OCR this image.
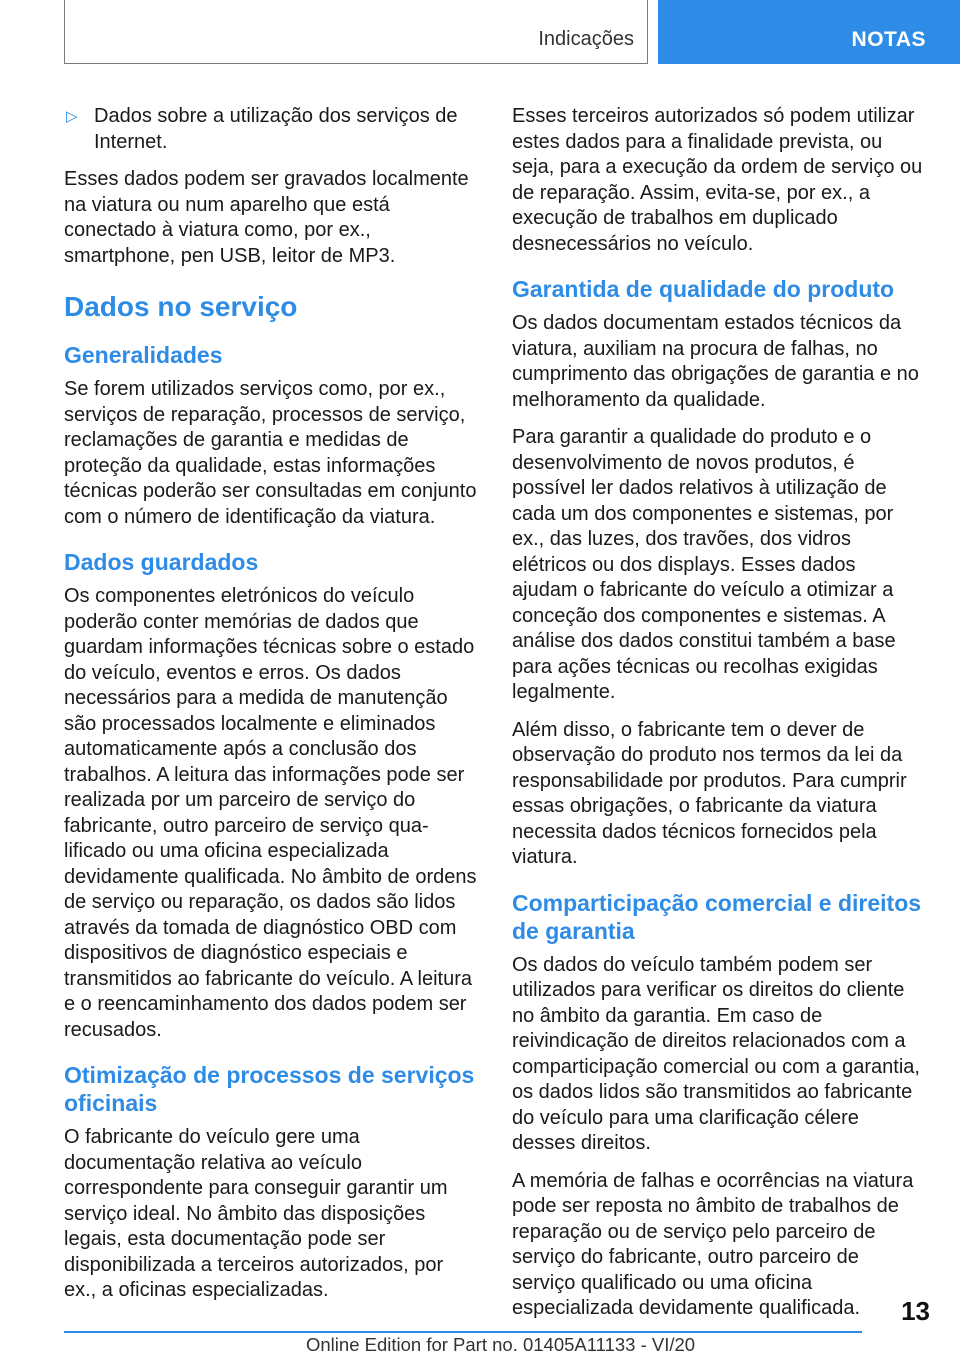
Indicações	NOTAS

▷ Dados sobre a utilização dos serviços de Internet.

Esses dados podem ser gravados localmente na viatura ou num aparelho que está conectado à viatura como, por ex., smartphone, pen USB, leitor de MP3.

Dados no serviço
Generalidades

Se forem utilizados serviços como, por ex., serviços de reparação, processos de serviço, reclamações de garantia e medidas de proteção da qualidade, estas informações técnicas poderão ser consultadas em conjunto com o número de identificação da viatura.

Dados guardados

Os componentes eletrónicos do veículo poderão conter memórias de dados que guardam informações técnicas sobre o estado do veículo, eventos e erros. Os dados necessários para a medida de manutenção são processados localmente e eliminados automaticamente após a conclusão dos trabalhos. A leitura das informações pode ser realizada por um parceiro de serviço do fabricante, outro parceiro de serviço qualificado ou uma oficina especializada devidamente qualificada. No âmbito de ordens de serviço ou reparação, os dados são lidos através da tomada de diagnóstico OBD com dispositivos de diagnóstico especiais e transmitidos ao fabricante do veículo. A leitura e o reencaminhamento dos dados podem ser recusados.

Otimização de processos de serviços oficinais

O fabricante do veículo gere uma documentação relativa ao veículo correspondente para conseguir garantir um serviço ideal. No âmbito das disposições legais, esta documentação pode ser disponibilizada a terceiros autorizados, por ex., a oficinas especializadas.

Esses terceiros autorizados só podem utilizar estes dados para a finalidade prevista, ou seja, para a execução da ordem de serviço ou de reparação. Assim, evita-se, por ex., a execução de trabalhos em duplicado desnecessários no veículo.

Garantida de qualidade do produto

Os dados documentam estados técnicos da viatura, auxiliam na procura de falhas, no cumprimento das obrigações de garantia e no melhoramento da qualidade.

Para garantir a qualidade do produto e o desenvolvimento de novos produtos, é possível ler dados relativos à utilização de cada um dos componentes e sistemas, por ex., das luzes, dos travões, dos vidros elétricos ou dos displays. Esses dados ajudam o fabricante do veículo a otimizar a conceção dos componentes e sistemas. A análise dos dados constitui também a base para ações técnicas ou recolhas exigidas legalmente.

Além disso, o fabricante tem o dever de observação do produto nos termos da lei da responsabilidade por produtos. Para cumprir essas obrigações, o fabricante da viatura necessita dados técnicos fornecidos pela viatura.

Comparticipação comercial e direitos de garantia

Os dados do veículo também podem ser utilizados para verificar os direitos do cliente no âmbito da garantia. Em caso de reivindicação de direitos relacionados com a comparticipação comercial ou com a garantia, os dados lidos são transmitidos ao fabricante do veículo para uma clarificação célere desses direitos.

A memória de falhas e ocorrências na viatura pode ser reposta no âmbito de trabalhos de reparação ou de serviço pelo parceiro de serviço do fabricante, outro parceiro de serviço qualificado ou uma oficina especializada devidamente qualificada.	13
Online Edition for Part no. 01405A11133 - VI/20
